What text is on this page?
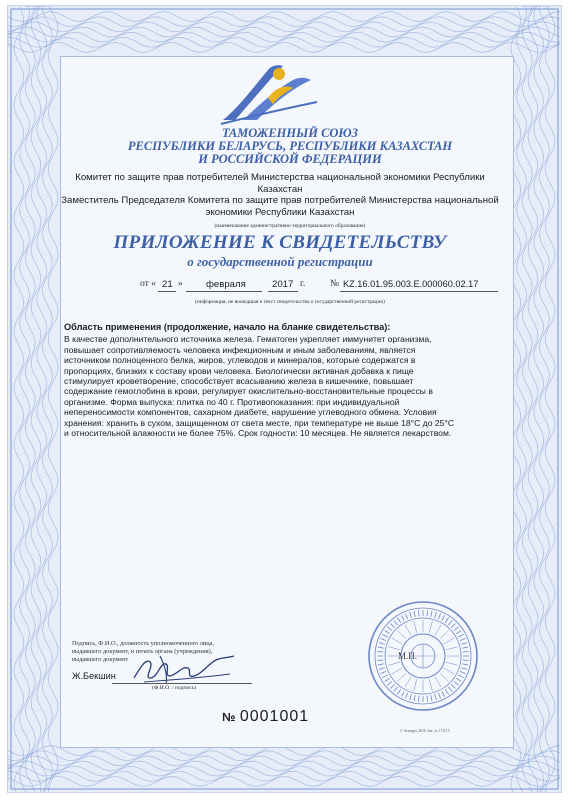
ТАМОЖЕННЫЙ СОЮЗ
РЕСПУБЛИКИ БЕЛАРУСЬ, РЕСПУБЛИКИ КАЗАХСТАН
И РОССИЙСКОЙ ФЕДЕРАЦИИ
Комитет по защите прав потребителей Министерства национальной экономики Республики
Казахстан
Заместитель Председателя Комитета по защите прав потребителей Министерства национальной
экономики Республики Казахстан
(наименование административно-территориального образования)
ПРИЛОЖЕНИЕ К СВИДЕТЕЛЬСТВУ
о государственной регистрации
от « 21 » февраля	2017 г.	№ KZ.16.01.95.003.E.000060.02.17
(информация, не вошедшая в текст свидетельства о государственной регистрации)
Область применения (продолжение, начало на бланке свидетельства):
В качестве дополнительного источника железа. Гематоген укрепляет иммунитет организма,
повышает сопротивляемость человека инфекционным и иным заболеваниям, является
источником полноценного белка, жиров, углеводов и минералов, которые содержатся в
пропорциях, близких к составу крови человека. Биологически активная добавка к пище
стимулирует кроветворение, способствует всасыванию железа в кишечнике, повышает
содержание гемоглобина в крови, регулирует окислительно-восстановительные процессы в
организме. Форма выпуска: плитка по 40 г. Противопоказания: при индивидуальной
непереносимости компонентов, сахарном диабете, нарушение углеводного обмена. Условия
хранения: хранить в сухом, защищенном от света месте, при температуре не выше 18°С до 25°С
и относительной влажности не более 75%. Срок годности: 10 месяцев. Не является лекарством.
Подпись, Ф.И.О., должность уполномоченного лица,
выдавшего документ, и печать органа (учреждения),
выдавшего документ
Ж.Бекшин
(Ф.И.О. / подпись)
М.П.
№ 0001001
© Атамура, 2016. Зак. № 17.8.15
